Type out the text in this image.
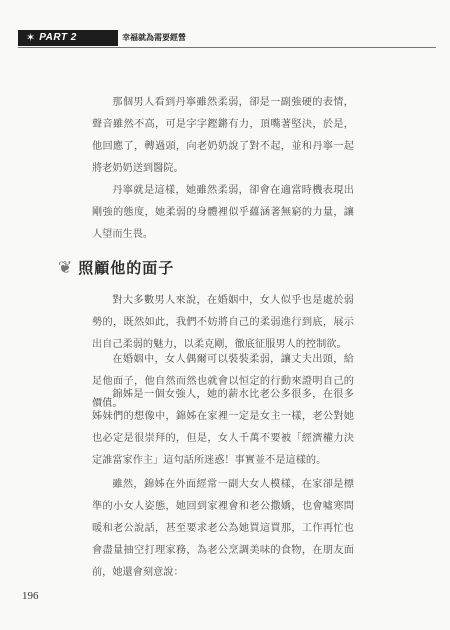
✶ PART 2	幸福就為需要經營

那個男人看到丹寧雖然柔弱，卻是一副強硬的表情，聲音雖然不高，可是字字鏗鏘有力，頂嘴著堅決，於是，他回應了，轉過頭，向老奶奶說了對不起，並和丹寧一起將老奶奶送到醫院。

丹寧就是這樣，她雖然柔弱，卻會在適當時機表現出剛強的態度，她柔弱的身體裡似乎蘊涵著無窮的力量，讓人望而生畏。

❦ 照顧他的面子

對大多數男人來說，在婚姻中，女人似乎也是處於弱勢的，既然如此，我們不妨將自己的柔弱進行到底，展示出自己柔弱的魅力，以柔克剛，徹底征服男人的控制欲。

在婚姻中，女人偶爾可以裝裝柔弱，讓丈夫出頭，給足他面子，他自然而然也就會以恒定的行動來證明自己的價值。

錦姊是一個女強人，她的薪水比老公多很多，在很多姊妹們的想像中，錦姊在家裡一定是女主一樣，老公對她也必定是很崇拜的，但是，女人千萬不要被「經濟權力決定誰當家作主」這句話所迷惑！事實並不是這樣的。

雖然，錦姊在外面經常一副大女人模樣，在家卻是標準的小女人姿態，她回到家裡會和老公撒嬌，也會噓寒問暖和老公說話，甚至要求老公為她買這買那，工作再忙也會盡量抽空打理家務，為老公烹調美味的食物，在朋友面前，她還會刻意說：

196
